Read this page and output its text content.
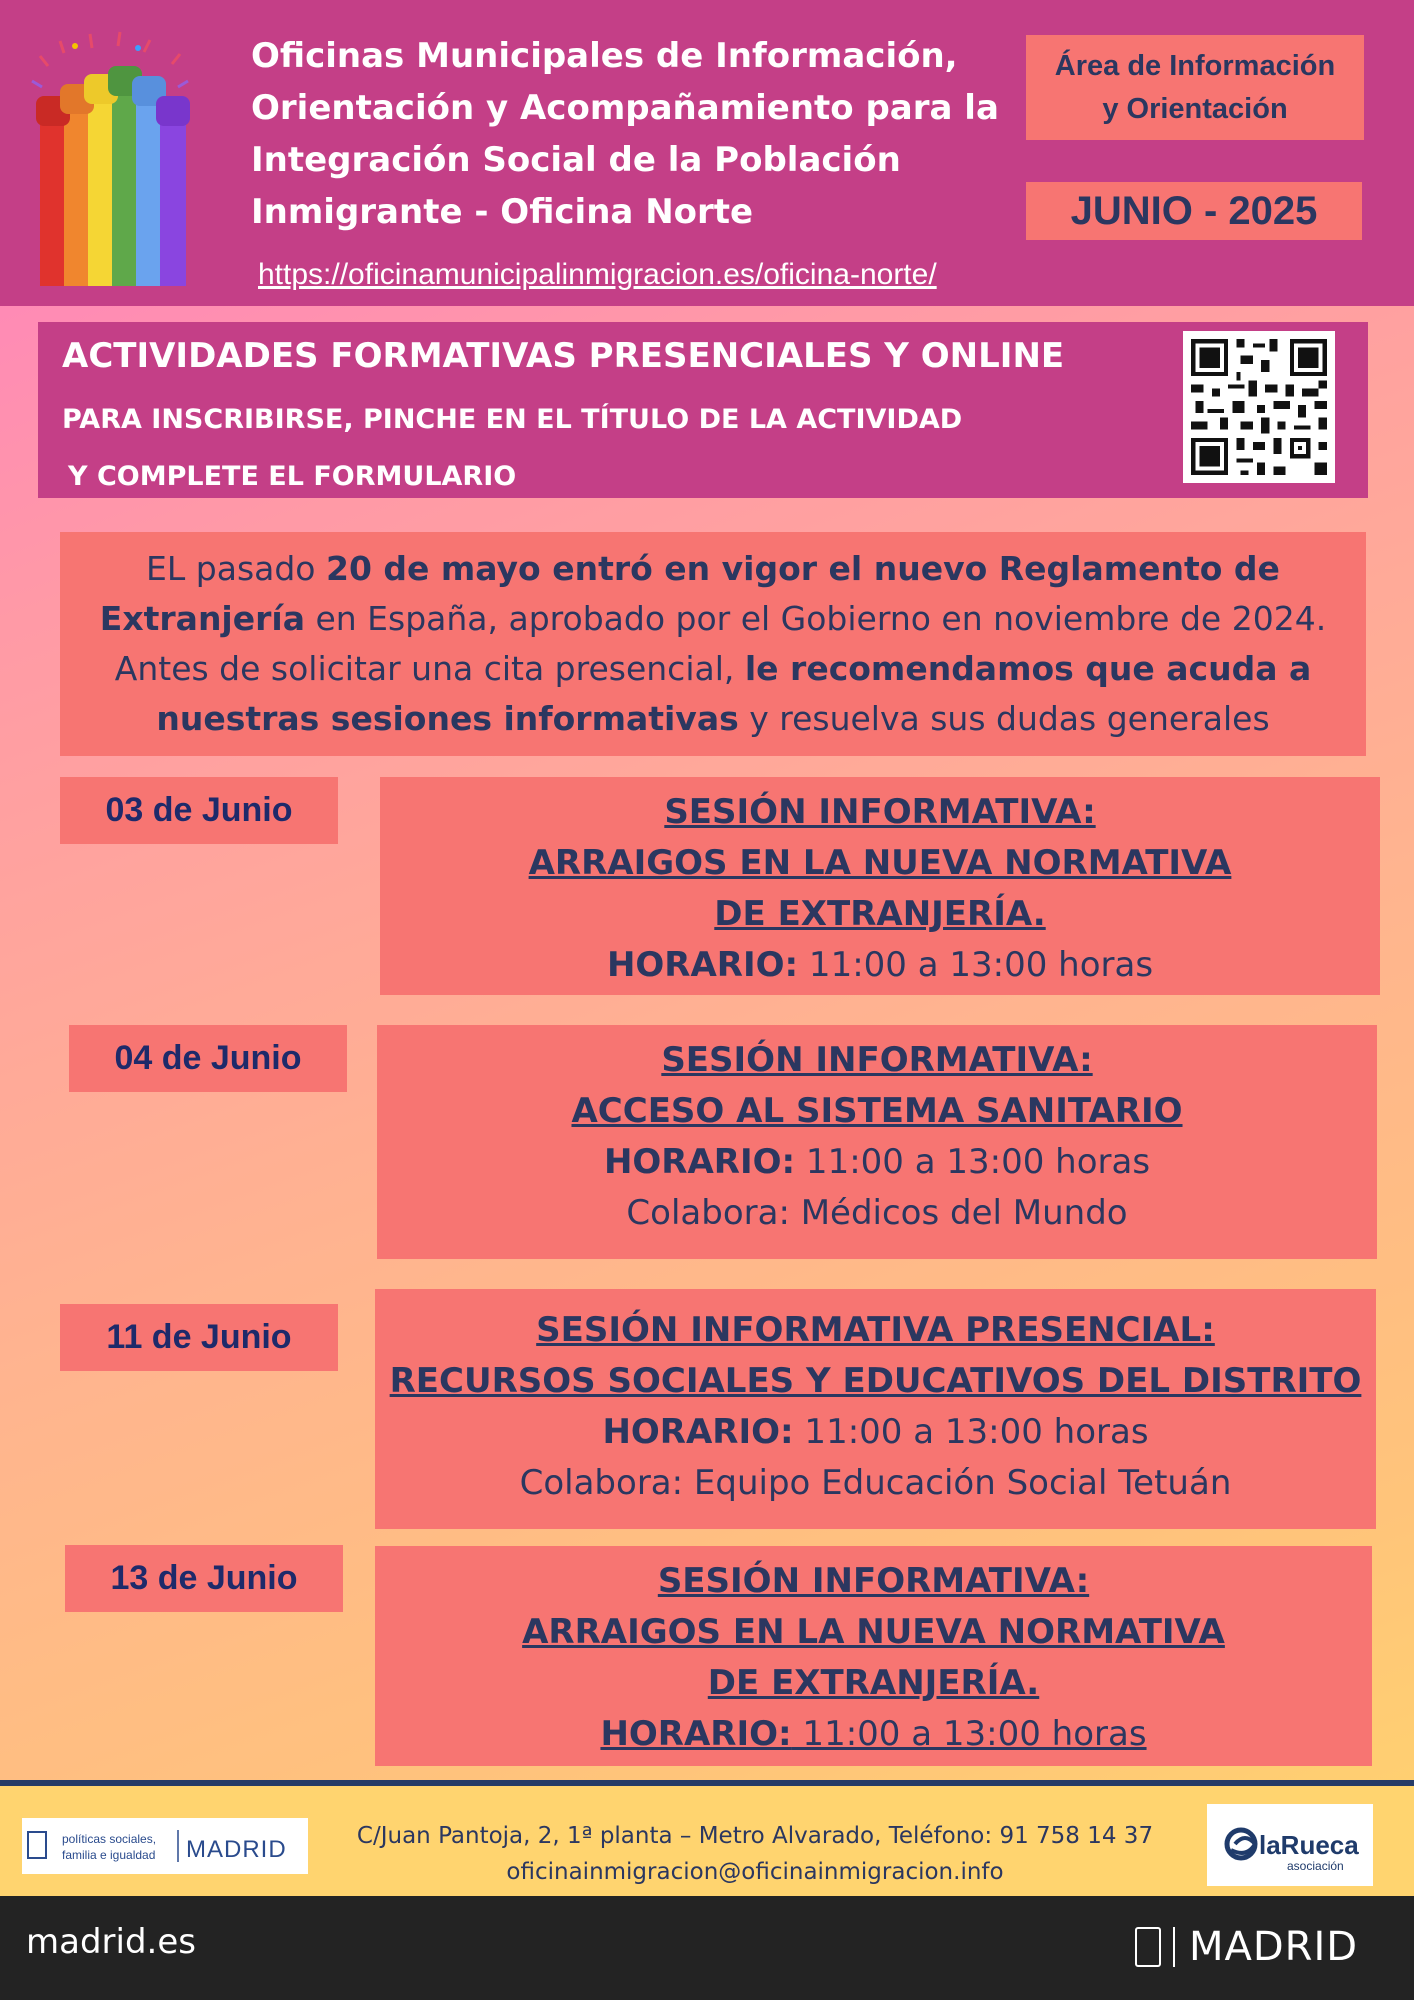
Oficinas Municipales de Información,
Orientación y Acompañamiento para la
Integración Social de la Población
Inmigrante - Oficina Norte
https://oficinamunicipalinmigracion.es/oficina-norte/
Área de Información
y Orientación
JUNIO - 2025
ACTIVIDADES FORMATIVAS PRESENCIALES Y ONLINE
PARA INSCRIBIRSE, PINCHE EN EL TÍTULO DE LA ACTIVIDAD
Y COMPLETE EL FORMULARIO
EL pasado 20 de mayo entró en vigor el nuevo Reglamento de Extranjería en España, aprobado por el Gobierno en noviembre de 2024. Antes de solicitar una cita presencial, le recomendamos que acuda a nuestras sesiones informativas y resuelva sus dudas generales
03 de Junio	SESIÓN INFORMATIVA:
ARRAIGOS EN LA NUEVA NORMATIVA
DE EXTRANJERÍA.
HORARIO: 11:00 a 13:00 horas
04 de Junio	SESIÓN INFORMATIVA:
ACCESO AL SISTEMA SANITARIO
HORARIO: 11:00 a 13:00 horas
Colabora: Médicos del Mundo
11 de Junio	SESIÓN INFORMATIVA PRESENCIAL:
RECURSOS SOCIALES Y EDUCATIVOS DEL DISTRITO
HORARIO: 11:00 a 13:00 horas
Colabora: Equipo Educación Social Tetuán
13 de Junio	SESIÓN INFORMATIVA:
ARRAIGOS EN LA NUEVA NORMATIVA
DE EXTRANJERÍA.
HORARIO: 11:00 a 13:00 horas
políticas sociales,
familia e igualdad MADRID	C/Juan Pantoja, 2, 1ª planta – Metro Alvarado, Teléfono: 91 758 14 37
oficinainmigracion@oficinainmigracion.info
laRueca
asociación
madrid.es	MADRID
